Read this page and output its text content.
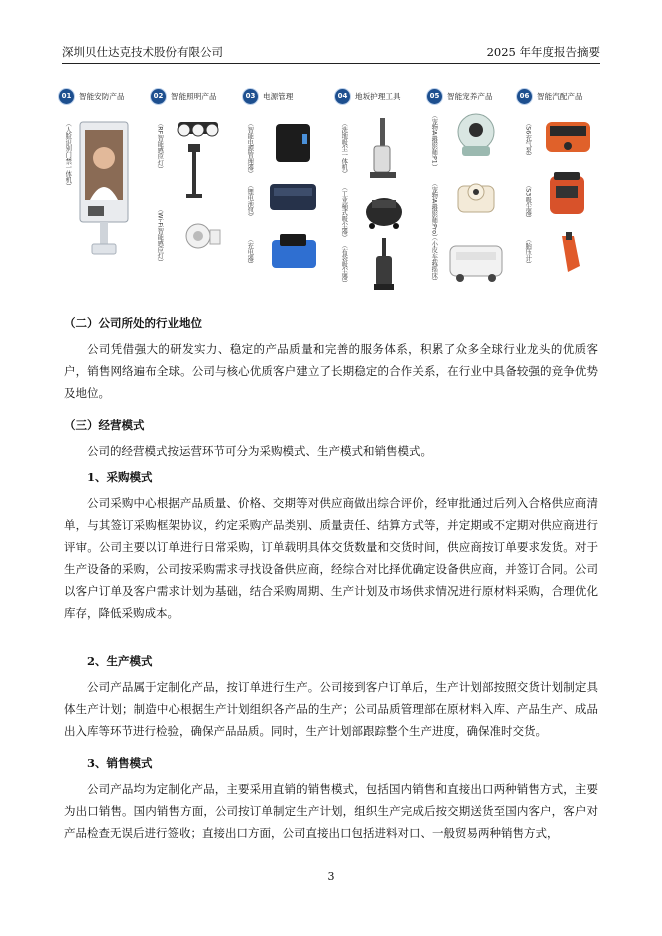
深圳贝仕达克技术股份有限公司	2025 年年度报告摘要
01	智能安防产品
（人脸识别门禁一体机）
02	智能照明产品
（RF智能感应灯）
（Wi-Fi智能感应灯）
03	电源管理
（智能电源管理器）
（锂电池包）
（充电器）
04	地坂护理工具
（洗地吸尘一体机）
（工业桶式吸尘器）
（布袋吸尘器）
05	智能宠养产品
（宠物AI摄影师P1）
（宠物AI摄影师Pro）
（小皮车载摇床）
06	智能汽配产品
（S6充气泵）
（S3吸尘器）
（胎压计）
（二）公司所处的行业地位
公司凭借强大的研发实力、稳定的产品质量和完善的服务体系，积累了众多全球行业龙头的优质客户，销售网络遍布全球。公司与核心优质客户建立了长期稳定的合作关系，在行业中具备较强的竞争优势及地位。
（三）经营模式
公司的经营模式按运营环节可分为采购模式、生产模式和销售模式。
1、采购模式
公司采购中心根据产品质量、价格、交期等对供应商做出综合评价，经审批通过后列入合格供应商清单，与其签订采购框架协议，约定采购产品类别、质量责任、结算方式等，并定期或不定期对供应商进行评审。公司主要以订单进行日常采购，订单载明具体交货数量和交货时间，供应商按订单要求发货。对于生产设备的采购，公司按采购需求寻找设备供应商，经综合对比择优确定设备供应商，并签订合同。公司以客户订单及客户需求计划为基础，结合采购周期、生产计划及市场供求情况进行原材料采购，合理优化库存，降低采购成本。
2、生产模式
公司产品属于定制化产品，按订单进行生产。公司接到客户订单后，生产计划部按照交货计划制定具体生产计划；制造中心根据生产计划组织各产品的生产；公司品质管理部在原材料入库、产品生产、成品出入库等环节进行检验，确保产品品质。同时，生产计划部跟踪整个生产进度，确保准时交货。
3、销售模式
公司产品均为定制化产品，主要采用直销的销售模式，包括国内销售和直接出口两种销售方式，主要为出口销售。国内销售方面，公司按订单制定生产计划，组织生产完成后按交期送货至国内客户，客户对产品检查无误后进行签收；直接出口方面，公司直接出口包括进料对口、一般贸易两种销售方式，
3
